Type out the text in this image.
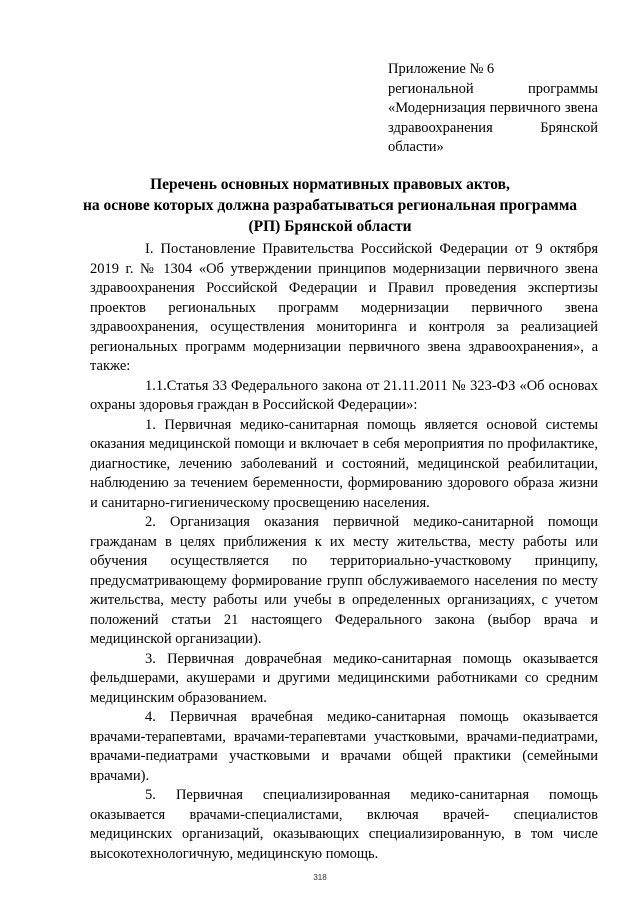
Приложение № 6
региональной программы «Модернизация первичного звена здравоохранения Брянской области»
Перечень основных нормативных правовых актов,
на основе которых должна разрабатываться региональная программа
(РП) Брянской области

I. Постановление Правительства Российской Федерации от 9 октября 2019 г. № 1304 «Об утверждении принципов модернизации первичного звена здравоохранения Российской Федерации и Правил проведения экспертизы проектов региональных программ модернизации первичного звена здравоохранения, осуществления мониторинга и контроля за реализацией региональных программ модернизации первичного звена здравоохранения», а также:

1.1.Статья 33 Федерального закона от 21.11.2011 № 323-ФЗ «Об основах охраны здоровья граждан в Российской Федерации»:

1. Первичная медико-санитарная помощь является основой системы оказания медицинской помощи и включает в себя мероприятия по профилактике, диагностике, лечению заболеваний и состояний, медицинской реабилитации, наблюдению за течением беременности, формированию здорового образа жизни и санитарно-гигиеническому просвещению населения.

2. Организация оказания первичной медико-санитарной помощи гражданам в целях приближения к их месту жительства, месту работы или обучения осуществляется по территориально-участковому принципу, предусматривающему формирование групп обслуживаемого населения по месту жительства, месту работы или учебы в определенных организациях, с учетом положений статьи 21 настоящего Федерального закона (выбор врача и медицинской организации).

3. Первичная доврачебная медико-санитарная помощь оказывается фельдшерами, акушерами и другими медицинскими работниками со средним медицинским образованием.

4. Первичная врачебная медико-санитарная помощь оказывается врачами-терапевтами, врачами-терапевтами участковыми, врачами-педиатрами, врачами-педиатрами участковыми и врачами общей практики (семейными врачами).

5. Первичная специализированная медико-санитарная помощь оказывается врачами-специалистами, включая врачей- специалистов медицинских организаций, оказывающих специализированную, в том числе высокотехнологичную, медицинскую помощь.

318
